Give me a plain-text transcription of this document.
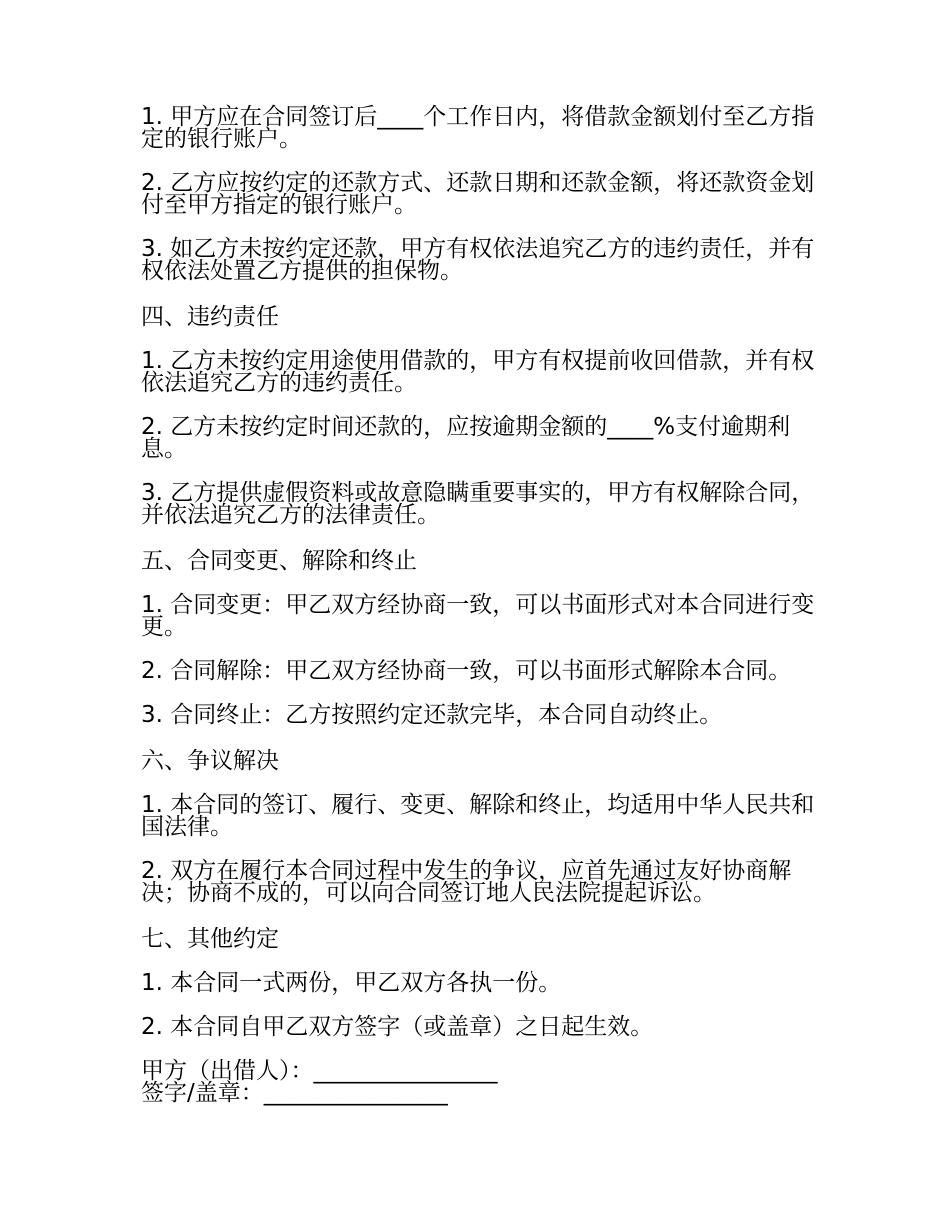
1. 甲方应在合同签订后____个工作日内，将借款金额划付至乙方指定的银行账户。

2. 乙方应按约定的还款方式、还款日期和还款金额，将还款资金划付至甲方指定的银行账户。

3. 如乙方未按约定还款，甲方有权依法追究乙方的违约责任，并有权依法处置乙方提供的担保物。

四、违约责任

1. 乙方未按约定用途使用借款的，甲方有权提前收回借款，并有权依法追究乙方的违约责任。

2. 乙方未按约定时间还款的，应按逾期金额的____%支付逾期利息。

3. 乙方提供虚假资料或故意隐瞒重要事实的，甲方有权解除合同，并依法追究乙方的法律责任。

五、合同变更、解除和终止

1. 合同变更：甲乙双方经协商一致，可以书面形式对本合同进行变更。

2. 合同解除：甲乙双方经协商一致，可以书面形式解除本合同。

3. 合同终止：乙方按照约定还款完毕，本合同自动终止。

六、争议解决

1. 本合同的签订、履行、变更、解除和终止，均适用中华人民共和国法律。

2. 双方在履行本合同过程中发生的争议，应首先通过友好协商解决；协商不成的，可以向合同签订地人民法院提起诉讼。

七、其他约定

1. 本合同一式两份，甲乙双方各执一份。

2. 本合同自甲乙双方签字（或盖章）之日起生效。

甲方（出借人）：________________

签字/盖章：________________
